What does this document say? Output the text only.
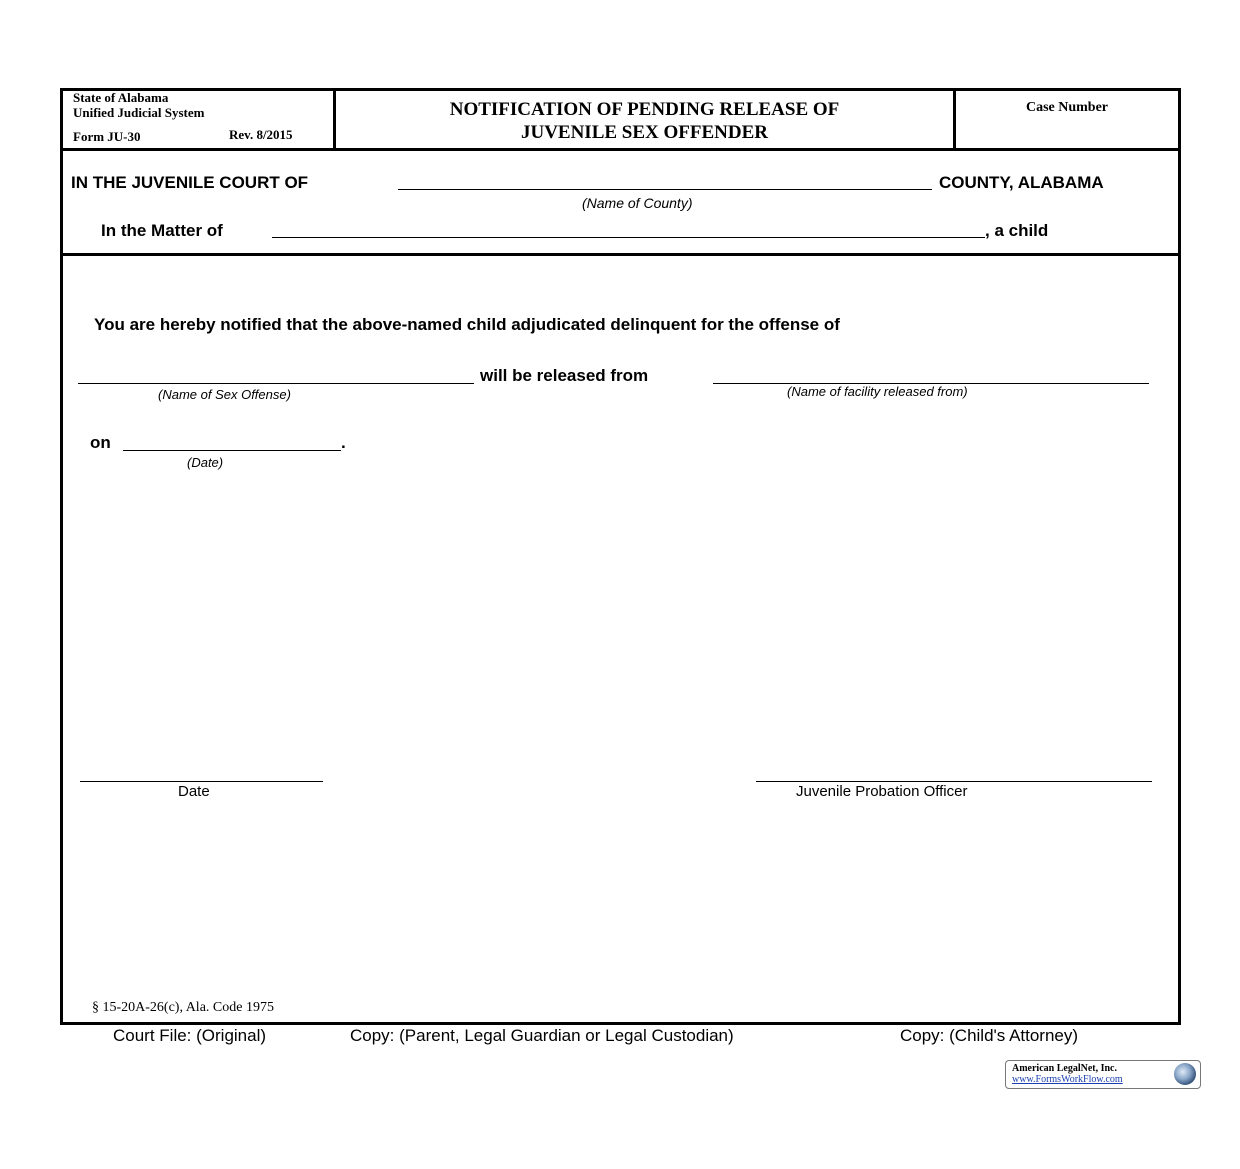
State of Alabama
Unified Judicial System
Form JU-30	Rev. 8/2015
NOTIFICATION OF PENDING RELEASE OF
JUVENILE SEX OFFENDER
Case Number
IN THE JUVENILE COURT OF	COUNTY, ALABAMA
(Name of County)
In the Matter of	, a child
You are hereby notified that the above-named child adjudicated delinquent for the offense of
will be released from
(Name of Sex Offense)	(Name of facility released from)
on	.
(Date)
Date	Juvenile Probation Officer
§ 15-20A-26(c), Ala. Code 1975
Court File: (Original)	Copy: (Parent, Legal Guardian or Legal Custodian)	Copy: (Child's Attorney)
American LegalNet, Inc.
www.FormsWorkFlow.com
